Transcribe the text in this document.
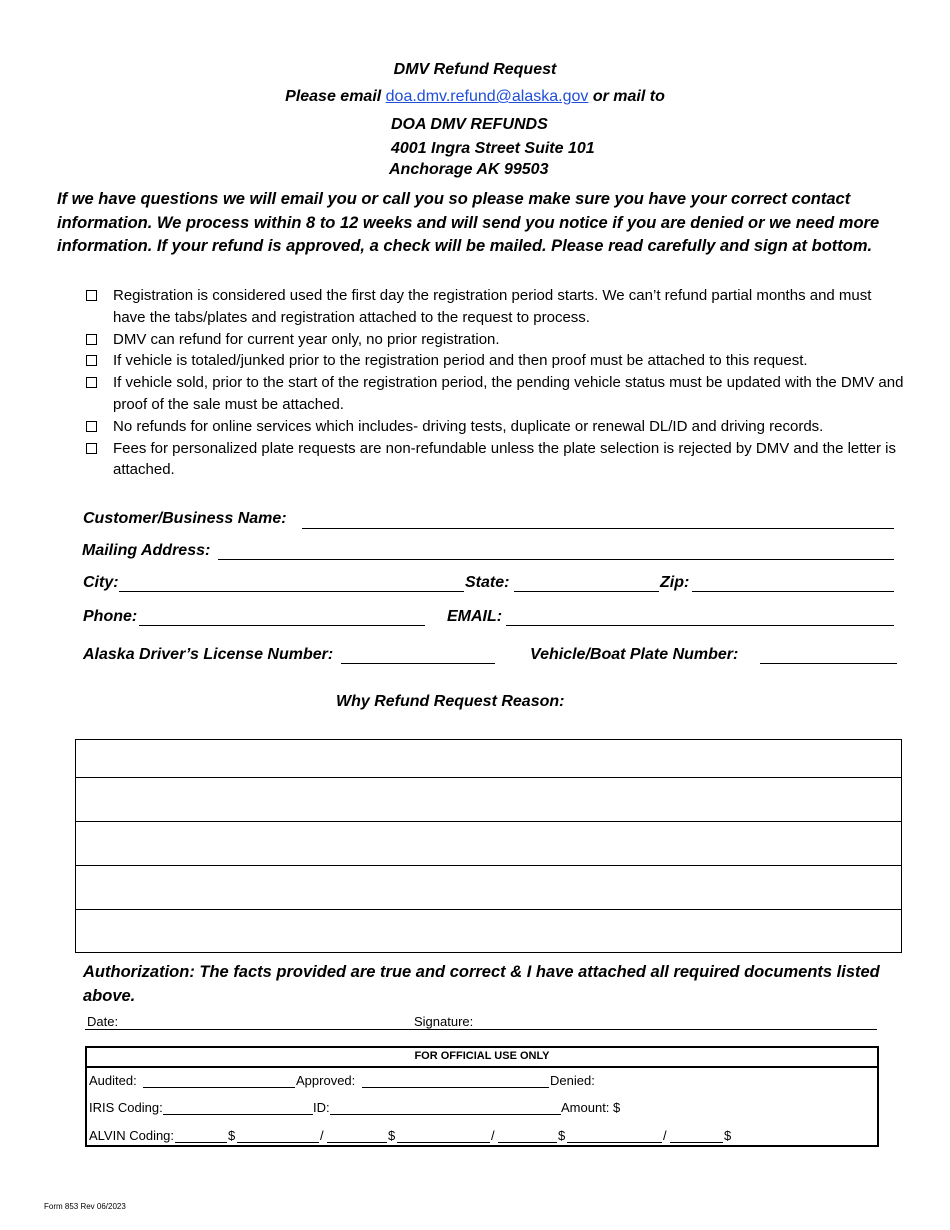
DMV Refund Request
Please email doa.dmv.refund@alaska.gov or mail to
DOA DMV REFUNDS
4001 Ingra Street Suite 101
Anchorage AK 99503
If we have questions we will email you or call you so please make sure you have your correct contact information. We process within 8 to 12 weeks and will send you notice if you are denied or we need more information. If your refund is approved, a check will be mailed. Please read carefully and sign at bottom.
Registration is considered used the first day the registration period starts. We can’t refund partial months and must have the tabs/plates and registration attached to the request to process.
DMV can refund for current year only, no prior registration.
If vehicle is totaled/junked prior to the registration period and then proof must be attached to this request.
If vehicle sold, prior to the start of the registration period, the pending vehicle status must be updated with the DMV and proof of the sale must be attached.
No refunds for online services which includes- driving tests, duplicate or renewal DL/ID and driving records.
Fees for personalized plate requests are non-refundable unless the plate selection is rejected by DMV and the letter is attached.
Customer/Business Name:
Mailing Address:
City:	State:	Zip:
Phone:	EMAIL:
Alaska Driver’s License Number:	Vehicle/Boat Plate Number:
Why Refund Request Reason:
Authorization: The facts provided are true and correct & I have attached all required documents listed above.
Date:	Signature:
FOR OFFICIAL USE ONLY
Audited:	Approved:	Denied:
IRIS Coding:	ID:	Amount: $
ALVIN Coding:	$	/	$	/	$	/	$
Form 853 Rev 06/2023
